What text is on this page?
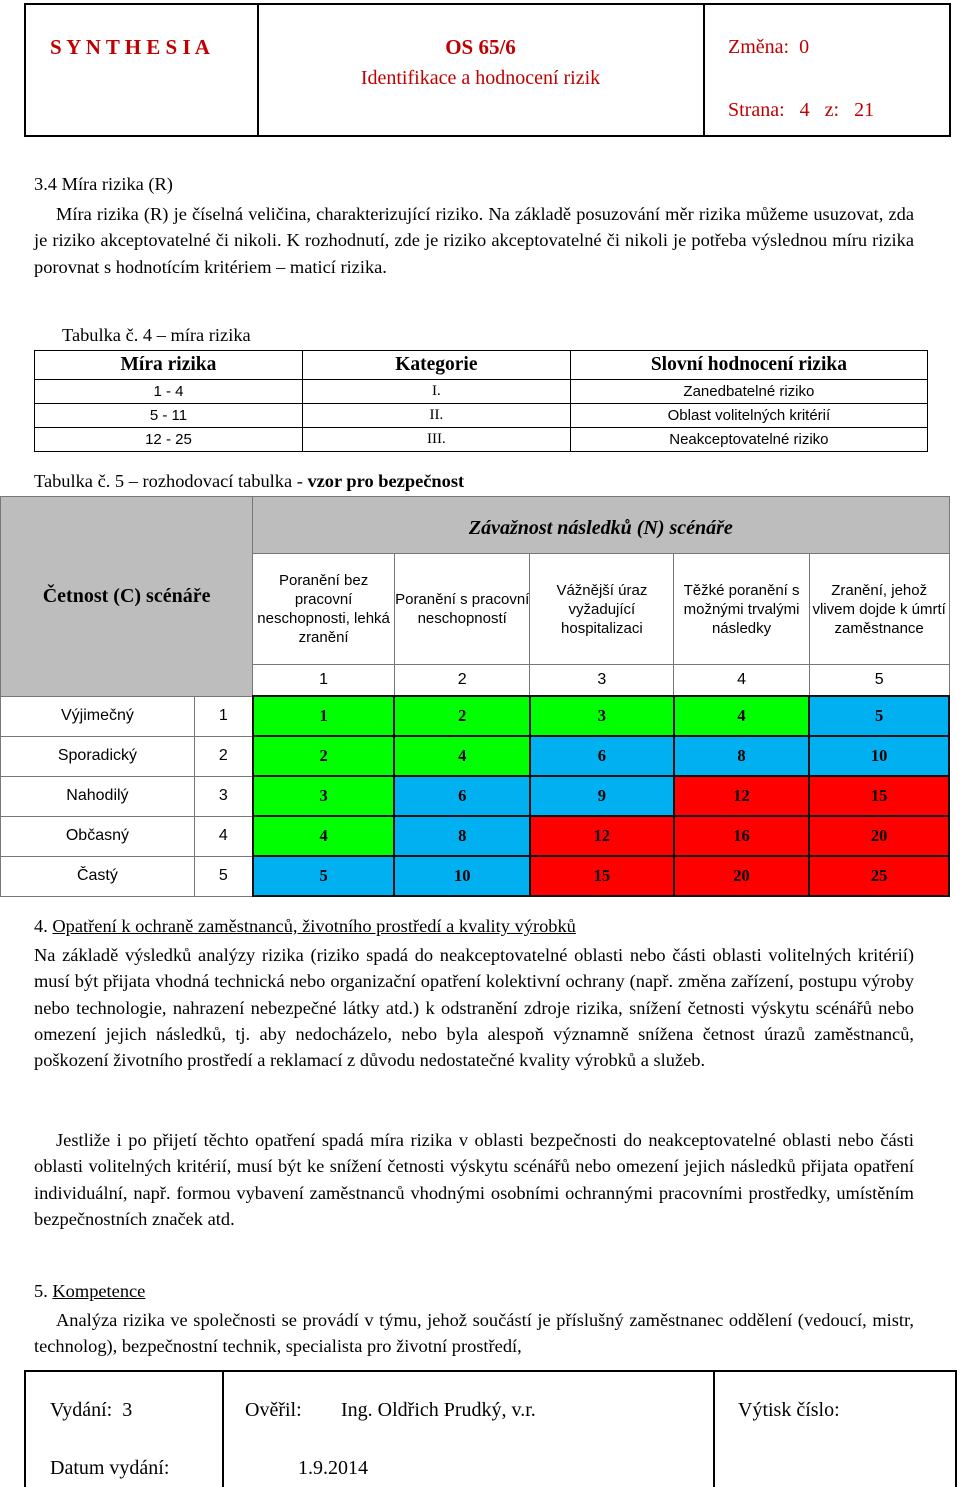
S Y N T H E S I A	OS 65/6
Identifikace a hodnocení rizik
Změna:  0
Strana:   4   z:   21
3.4 Míra rizika (R)
Míra rizika (R) je číselná veličina, charakterizující riziko. Na základě posuzování měr rizika můžeme usuzovat, zda je riziko akceptovatelné či nikoli. K rozhodnutí, zde je riziko akceptovatelné či nikoli je potřeba výslednou míru rizika porovnat s hodnotícím kritériem – maticí rizika.
Tabulka č. 4 – míra rizika
Míra rizika	Kategorie	Slovní hodnocení rizika
1 - 4	I.	Zanedbatelné riziko
5 - 11	II.	Oblast volitelných kritérií
12 - 25	III.	Neakceptovatelné riziko
Tabulka č. 5 – rozhodovací tabulka - vzor pro bezpečnost
Četnost (C) scénáře		Závažnost následků (N) scénáře				
		Poranění bez pracovní neschopnosti, lehká zranění	Poranění s pracovní neschopností	Vážnější úraz vyžadující hospitalizaci	Těžké poranění s možnými trvalými následky	Zranění, jehož vlivem dojde k úmrtí zaměstnance
		1	2	3	4	5
Výjimečný	1	1	2	3	4	5
Sporadický	2	2	4	6	8	10
Nahodilý	3	3	6	9	12	15
Občasný	4	4	8	12	16	20
Častý	5	5	10	15	20	25
4. Opatření k ochraně zaměstnanců, životního prostředí a kvality výrobků
Na základě výsledků analýzy rizika (riziko spadá do neakceptovatelné oblasti nebo části oblasti volitelných kritérií) musí být přijata vhodná technická nebo organizační opatření kolektivní ochrany (např. změna zařízení, postupu výroby nebo technologie, nahrazení nebezpečné látky atd.) k odstranění zdroje rizika, snížení četnosti výskytu scénářů nebo omezení jejich následků, tj. aby nedocházelo, nebo byla alespoň významně snížena četnost úrazů zaměstnanců, poškození životního prostředí a reklamací z důvodu nedostatečné kvality výrobků a služeb.
Jestliže i po přijetí těchto opatření spadá míra rizika v oblasti bezpečnosti do neakceptovatelné oblasti nebo části oblasti volitelných kritérií, musí být ke snížení četnosti výskytu scénářů nebo omezení jejich následků přijata opatření individuální, např. formou vybavení zaměstnanců vhodnými osobními ochrannými pracovními prostředky, umístěním bezpečnostních značek atd.
5. Kompetence
Analýza rizika ve společnosti se provádí v týmu, jehož součástí je příslušný zaměstnanec oddělení (vedoucí, mistr, technolog), bezpečnostní technik, specialista pro životní prostředí,
Vydání:  3	Ověřil: Ing. Oldřich Prudký, v.r.	Výtisk číslo:
Datum vydání:	1.9.2014
